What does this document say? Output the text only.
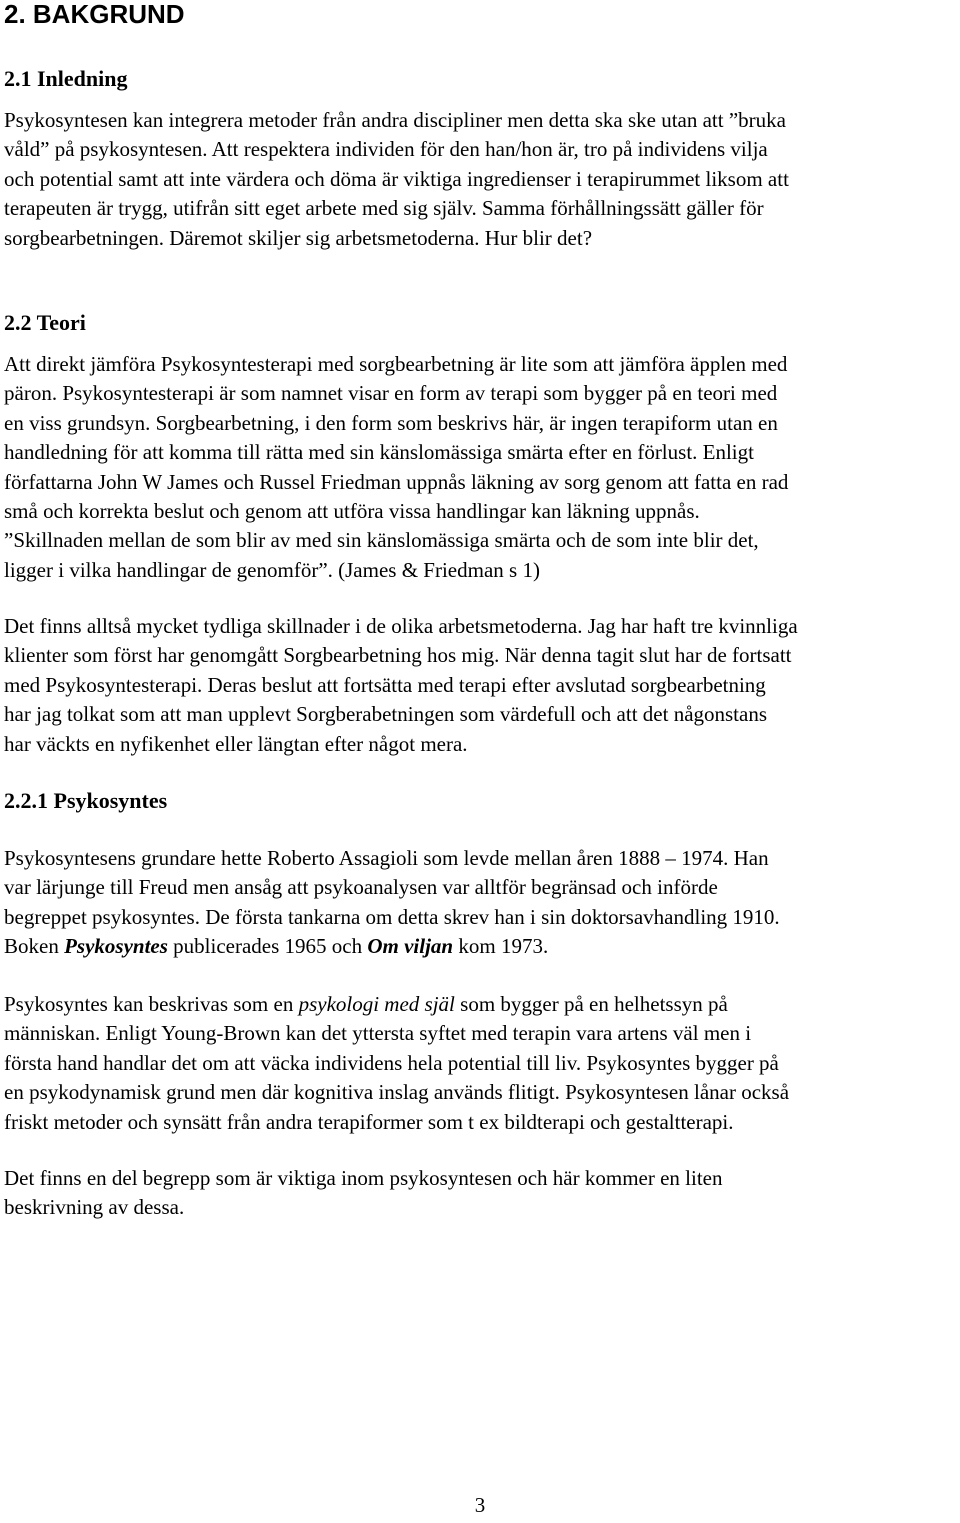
2. BAKGRUND
2.1 Inledning

Psykosyntesen kan integrera metoder från andra discipliner men detta ska ske utan att ”bruka
våld” på psykosyntesen. Att respektera individen för den han/hon är, tro på individens vilja
och potential samt att inte värdera och döma är viktiga ingredienser i terapirummet liksom att
terapeuten är trygg, utifrån sitt eget arbete med sig själv. Samma förhållningssätt gäller för
sorgbearbetningen. Däremot skiljer sig arbetsmetoderna. Hur blir det?

2.2 Teori

Att direkt jämföra Psykosyntesterapi med sorgbearbetning är lite som att jämföra äpplen med
päron. Psykosyntesterapi är som namnet visar en form av terapi som bygger på en teori med
en viss grundsyn. Sorgbearbetning, i den form som beskrivs här, är ingen terapiform utan en
handledning för att komma till rätta med sin känslomässiga smärta efter en förlust. Enligt
författarna John W James och Russel Friedman uppnås läkning av sorg genom att fatta en rad
små och korrekta beslut och genom att utföra vissa handlingar kan läkning uppnås.
”Skillnaden mellan de som blir av med sin känslomässiga smärta och de som inte blir det,
ligger i vilka handlingar de genomför”. (James & Friedman s 1)

Det finns alltså mycket tydliga skillnader i de olika arbetsmetoderna. Jag har haft tre kvinnliga
klienter som först har genomgått Sorgbearbetning hos mig. När denna tagit slut har de fortsatt
med Psykosyntesterapi. Deras beslut att fortsätta med terapi efter avslutad sorgbearbetning
har jag tolkat som att man upplevt Sorgberabetningen som värdefull och att det någonstans
har väckts en nyfikenhet eller längtan efter något mera.

2.2.1 Psykosyntes

Psykosyntesens grundare hette Roberto Assagioli som levde mellan åren 1888 – 1974. Han
var lärjunge till Freud men ansåg att psykoanalysen var alltför begränsad och införde
begreppet psykosyntes. De första tankarna om detta skrev han i sin doktorsavhandling 1910.
Boken Psykosyntes publicerades 1965 och Om viljan kom 1973.

Psykosyntes kan beskrivas som en psykologi med själ som bygger på en helhetssyn på
människan. Enligt Young-Brown kan det yttersta syftet med terapin vara artens väl men i
första hand handlar det om att väcka individens hela potential till liv. Psykosyntes bygger på
en psykodynamisk grund men där kognitiva inslag används flitigt. Psykosyntesen lånar också
friskt metoder och synsätt från andra terapiformer som t ex bildterapi och gestaltterapi.

Det finns en del begrepp som är viktiga inom psykosyntesen och här kommer en liten
beskrivning av dessa.

3
